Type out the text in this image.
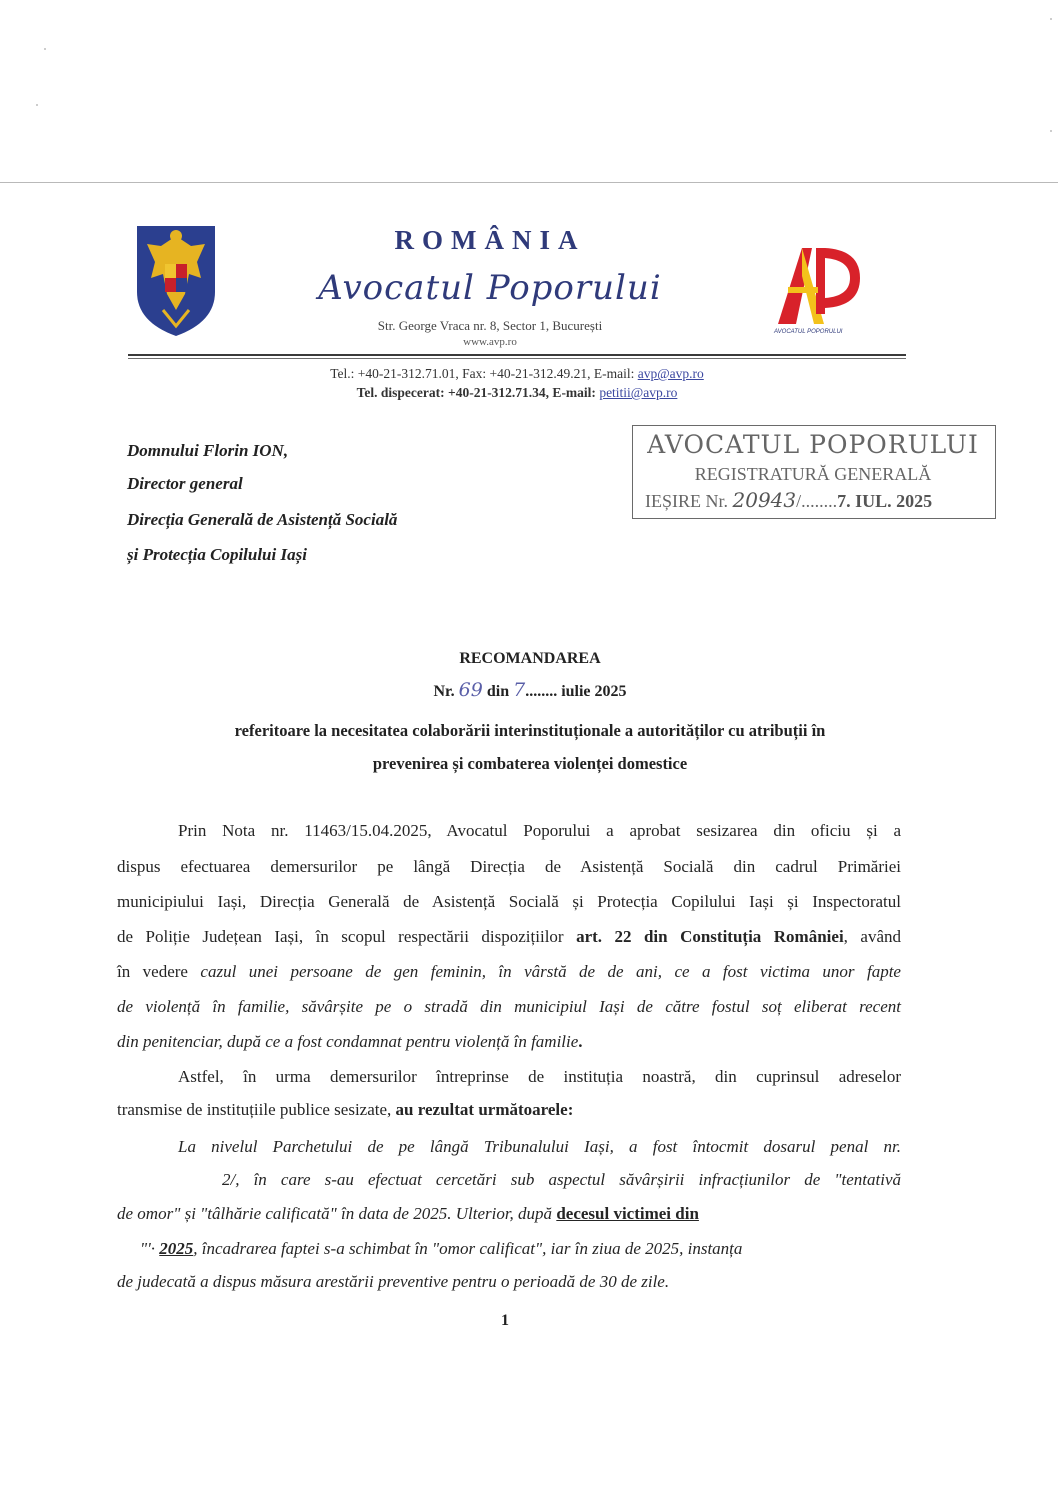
ROMÂNIA
Avocatul Poporului
Str. George Vraca nr. 8, Sector 1, București
www.avp.ro
AVOCATUL POPORULUI
Tel.: +40-21-312.71.01, Fax: +40-21-312.49.21, E-mail: avp@avp.ro
Tel. dispecerat: +40-21-312.71.34, E-mail: petitii@avp.ro
Domnului Florin ION,
Director general
Direcția Generală de Asistență Socială
și Protecția Copilului Iași
AVOCATUL POPORULUI
REGISTRATURĂ GENERALĂ
IEȘIRE Nr. 20943/........7. IUL. 2025
RECOMANDAREA
Nr. 69 din 7........ iulie 2025
referitoare la necesitatea colaborării interinstituționale a autorităților cu atribuții în
prevenirea și combaterea violenței domestice
Prin Nota nr. 11463/15.04.2025, Avocatul Poporului a aprobat sesizarea din oficiu și a
dispus efectuarea demersurilor pe lângă Direcția de Asistență Socială din cadrul Primăriei
municipiului Iași, Direcția Generală de Asistență Socială și Protecția Copilului Iași și Inspectoratul
de Poliție Județean Iași, în scopul respectării dispozițiilor art. 22 din Constituția României, având
în vedere cazul unei persoane de gen feminin, în vârstă de de ani, ce a fost victima unor fapte
de violență în familie, săvârșite pe o stradă din municipiul Iași de către fostul soț eliberat recent
din penitenciar, după ce a fost condamnat pentru violență în familie.
Astfel, în urma demersurilor întreprinse de instituția noastră, din cuprinsul adreselor
transmise de instituțiile publice sesizate, au rezultat următoarele:
La nivelul Parchetului de pe lângă Tribunalului Iași, a fost întocmit dosarul penal nr.
2/, în care s-au efectuat cercetări sub aspectul săvârșirii infracțiunilor de "tentativă
de omor" și "tâlhărie calificată" în data de 2025. Ulterior, după decesul victimei din
"'· 2025, încadrarea faptei s-a schimbat în "omor calificat", iar în ziua de 2025, instanța
de judecată a dispus măsura arestării preventive pentru o perioadă de 30 de zile.
1
